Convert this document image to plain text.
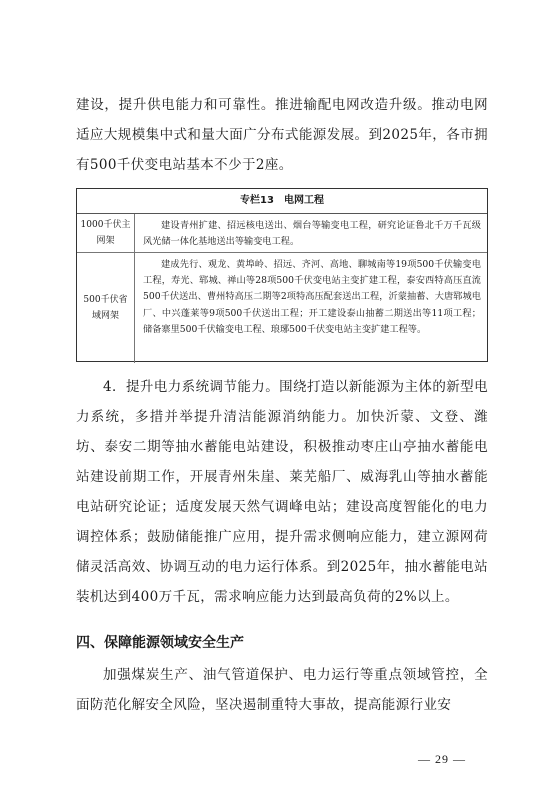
建设，提升供电能力和可靠性。推进输配电网改造升级。推动电网适应大规模集中式和量大面广分布式能源发展。到2025年，各市拥有500千伏变电站基本不少于2座。

专栏13　电网工程
1000千伏主网架
建设青州扩建、招远核电送出、烟台等输变电工程，研究论证鲁北千万千瓦级风光储一体化基地送出等输变电工程。
500千伏省域网架
建成先行、观龙、黄埠岭、招远、齐河、高地、聊城南等19项500千伏输变电工程，寿光、郓城、禅山等28项500千伏变电站主变扩建工程，泰安西特高压直流500千伏送出、曹州特高压二期等2项特高压配套送出工程，沂蒙抽蓄、大唐郓城电厂、中兴蓬莱等9项500千伏送出工程；开工建设泰山抽蓄二期送出等11项工程；储备寨里500千伏输变电工程、琅琊500千伏变电站主变扩建工程等。

4．提升电力系统调节能力。围绕打造以新能源为主体的新型电力系统，多措并举提升清洁能源消纳能力。加快沂蒙、文登、潍坊、泰安二期等抽水蓄能电站建设，积极推动枣庄山亭抽水蓄能电站建设前期工作，开展青州朱崖、莱芜船厂、威海乳山等抽水蓄能电站研究论证；适度发展天然气调峰电站；建设高度智能化的电力调控体系；鼓励储能推广应用，提升需求侧响应能力，建立源网荷储灵活高效、协调互动的电力运行体系。到2025年，抽水蓄能电站装机达到400万千瓦，需求响应能力达到最高负荷的2%以上。

四、保障能源领域安全生产

加强煤炭生产、油气管道保护、电力运行等重点领域管控，全面防范化解安全风险，坚决遏制重特大事故，提高能源行业安

— 29 —
